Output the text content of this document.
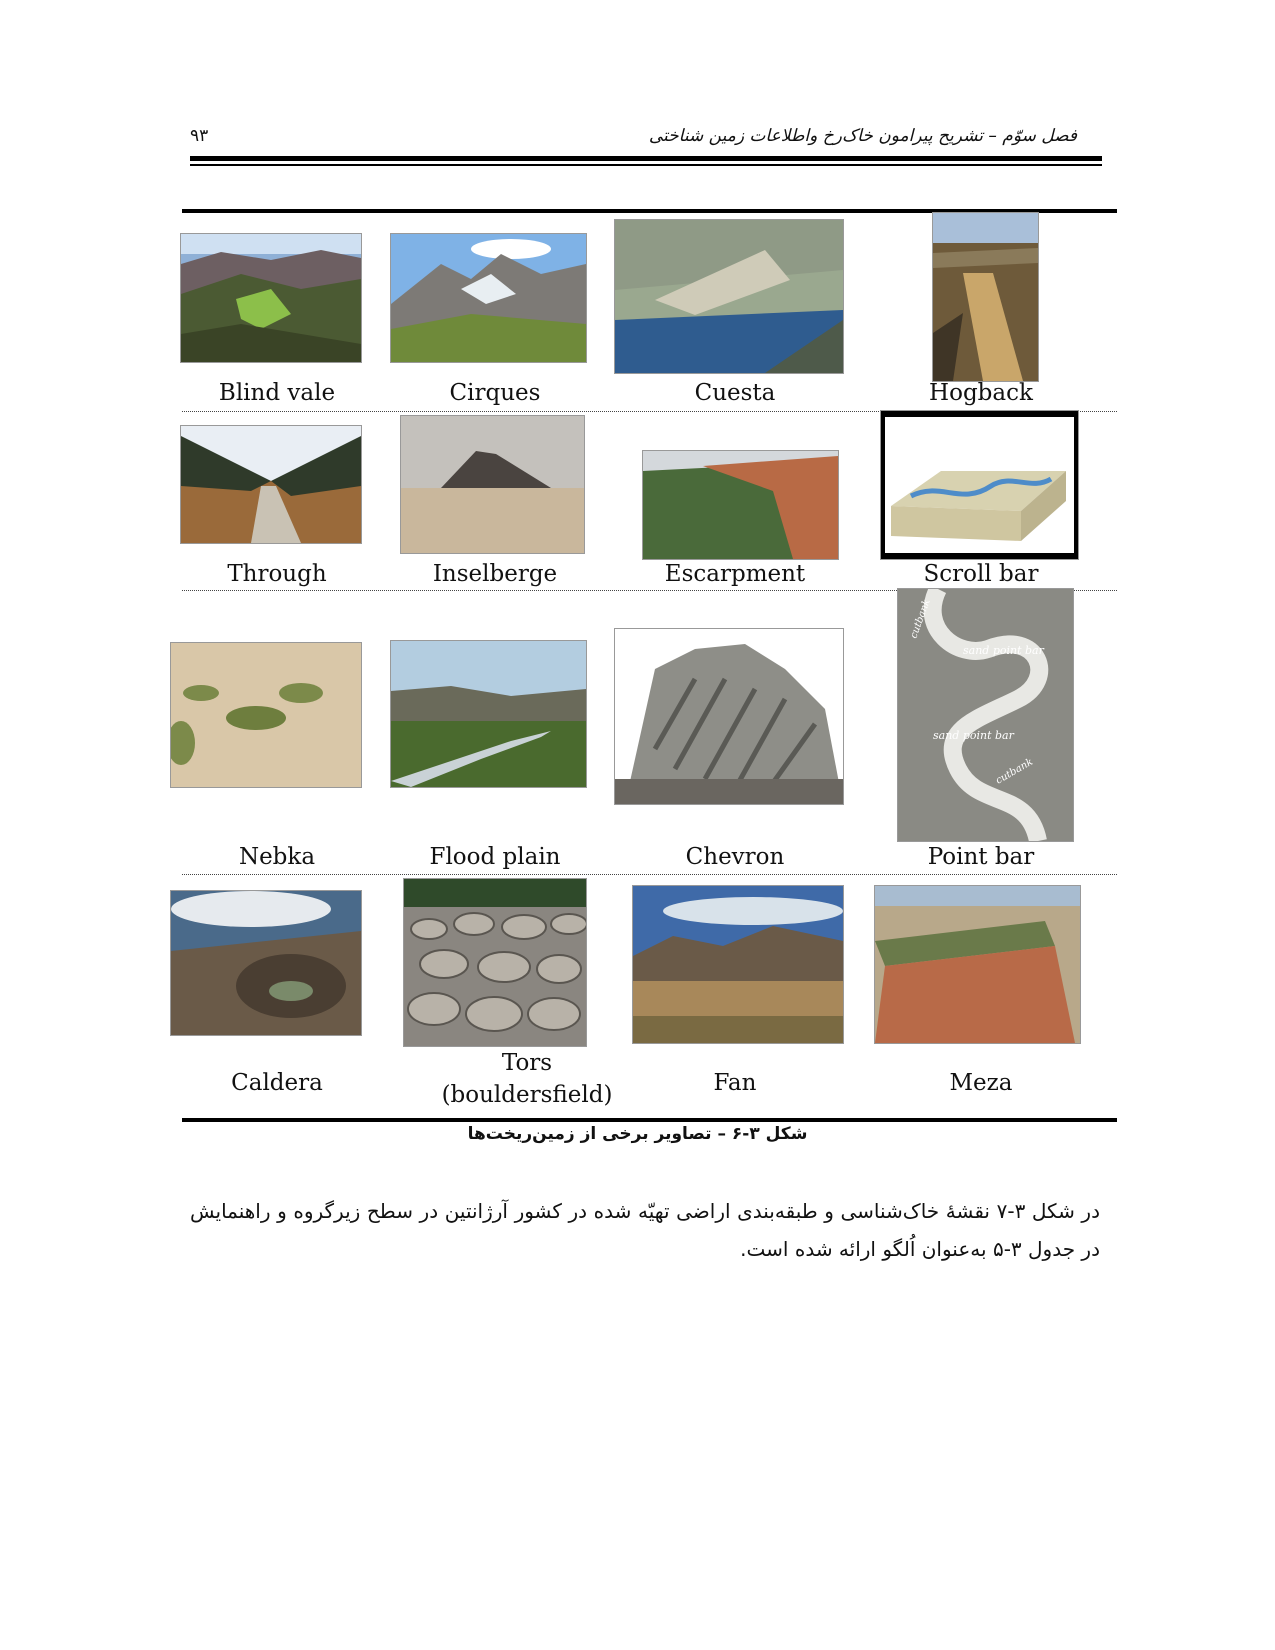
۹۳	فصل سوّم – تشریح پیرامون خاک‌رخ واطلاعات زمین شناختی
Blind vale	Cirques	Cuesta	Hogback
Through	Inselberge	Escarpment	Scroll bar
sand point bar
sand point bar
cutbank
cutbank
Nebka	Flood plain	Chevron	Point bar
Caldera
Tors
(bouldersfield)	Fan	Meza
شکل ۳-۶ – تصاویر برخی از زمین‌ریخت‌ها
در شکل ۳-۷ نقشهٔ خاک‌شناسی و طبقه‌بندی اراضی تهیّه شده در کشور آرژانتین در سطح زیرگروه و راهنمایش در جدول ۳-۵ به‌عنوان اُلگو ارائه شده است.
